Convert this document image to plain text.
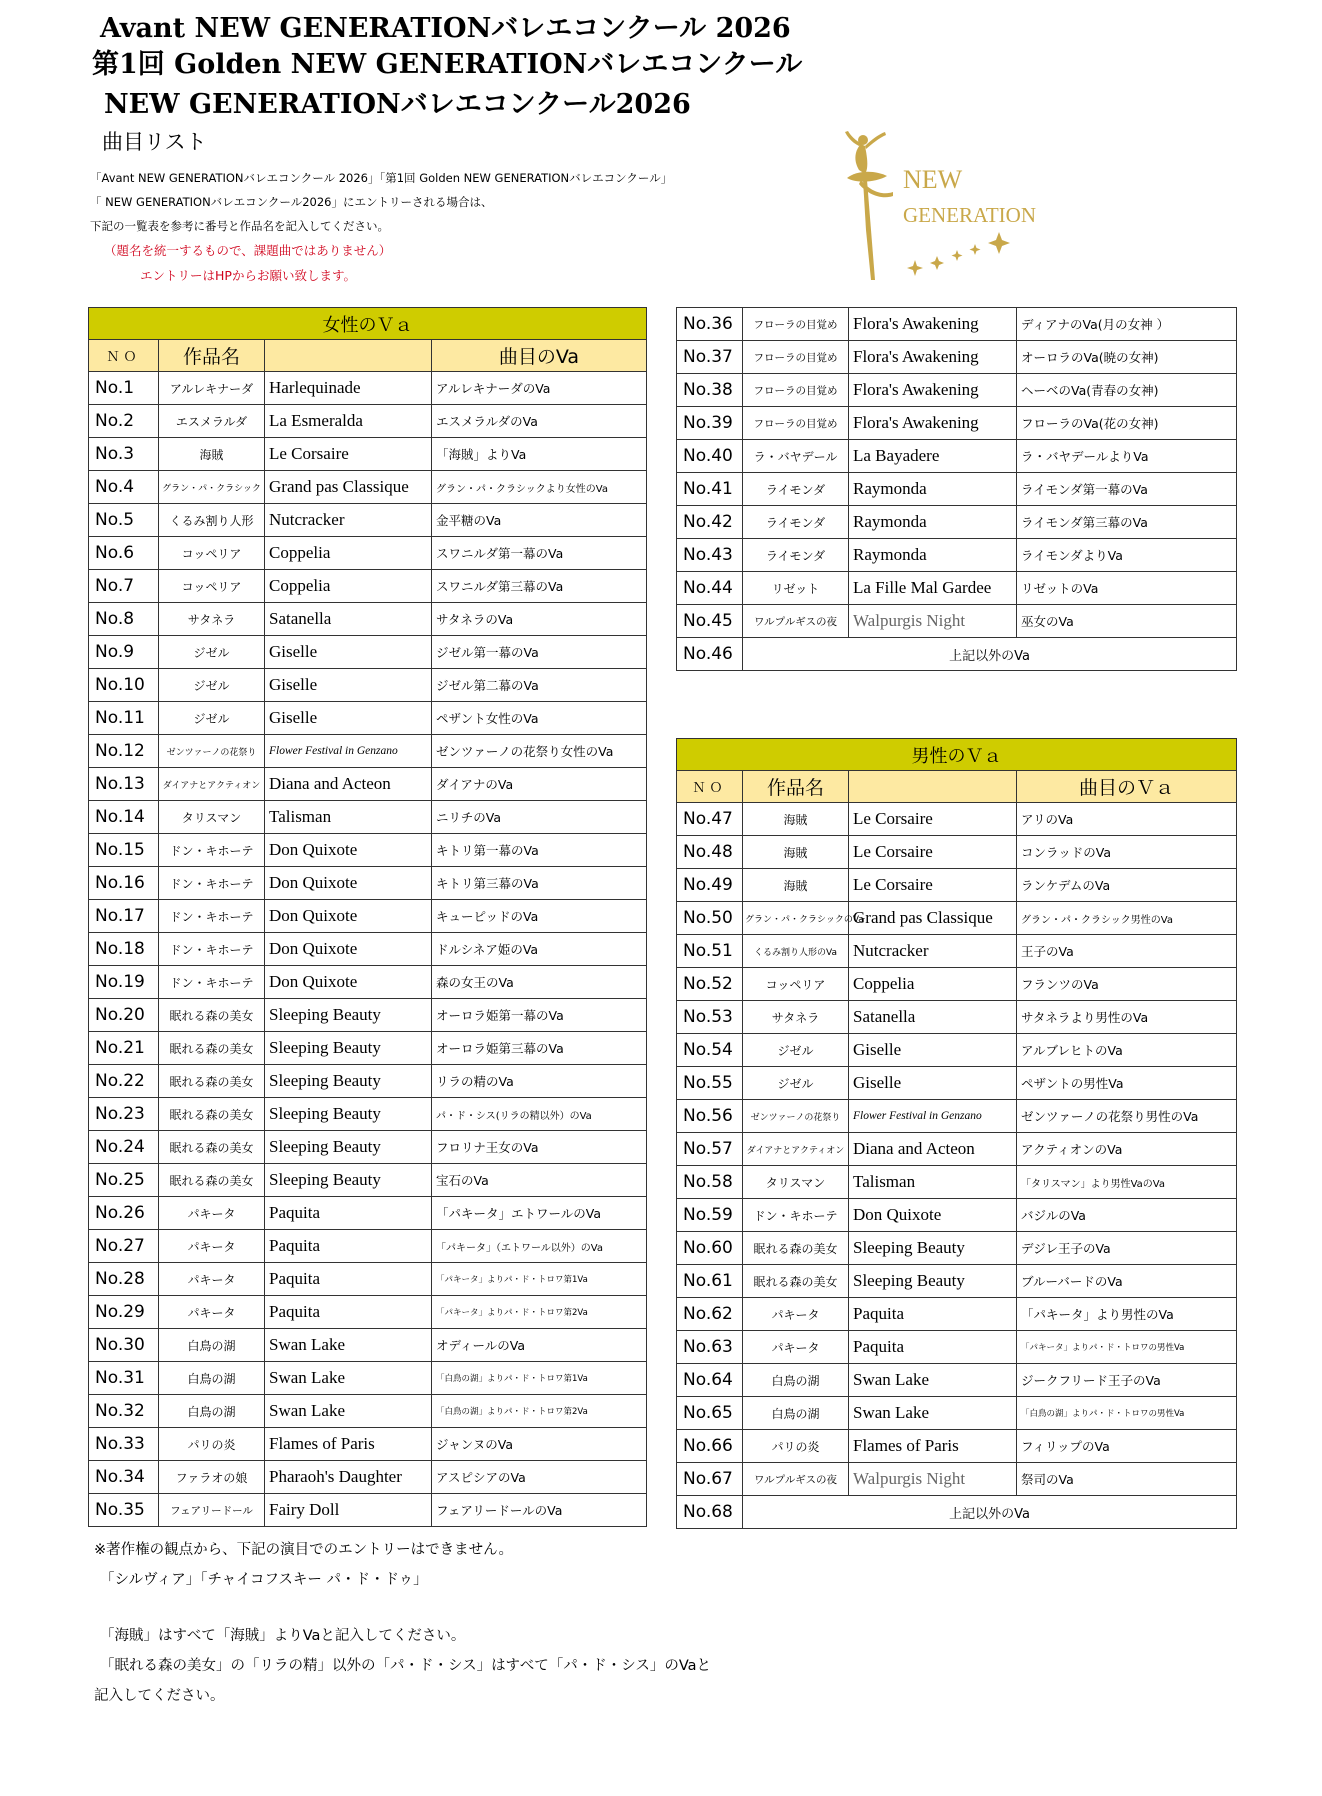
Avant NEW GENERATIONバレエコンクール 2026
第1回 Golden NEW GENERATIONバレエコンクール
NEW GENERATIONバレエコンクール2026
曲目リスト
「Avant NEW GENERATIONバレエコンクール 2026」「第1回 Golden NEW GENERATIONバレエコンクール」
「 NEW GENERATIONバレエコンクール2026」にエントリーされる場合は、
下記の一覧表を参考に番号と作品名を記入してください。
（題名を統一するもので、課題曲ではありません）
エントリーはHPからお願い致します。
NEW
GENERATION
女性のＶａ			
ＮＯ	作品名		曲目のVa
No.1	アルレキナーダ	Harlequinade	アルレキナーダのVa
No.2	エスメラルダ	La Esmeralda	エスメラルダのVa
No.3	海賊	Le Corsaire	「海賊」よりVa
No.4	グラン・パ・クラシック	Grand pas Classique	グラン・パ・クラシックより女性のVa
No.5	くるみ割り人形	Nutcracker	金平糖のVa
No.6	コッペリア	Coppelia	スワニルダ第一幕のVa
No.7	コッペリア	Coppelia	スワニルダ第三幕のVa
No.8	サタネラ	Satanella	サタネラのVa
No.9	ジゼル	Giselle	ジゼル第一幕のVa
No.10	ジゼル	Giselle	ジゼル第二幕のVa
No.11	ジゼル	Giselle	ペザント女性のVa
No.12	ゼンツァーノの花祭り	Flower Festival in Genzano	ゼンツァーノの花祭り女性のVa
No.13	ダイアナとアクティオン	Diana and Acteon	ダイアナのVa
No.14	タリスマン	Talisman	ニリチのVa
No.15	ドン・キホーテ	Don Quixote	キトリ第一幕のVa
No.16	ドン・キホーテ	Don Quixote	キトリ第三幕のVa
No.17	ドン・キホーテ	Don Quixote	キューピッドのVa
No.18	ドン・キホーテ	Don Quixote	ドルシネア姫のVa
No.19	ドン・キホーテ	Don Quixote	森の女王のVa
No.20	眠れる森の美女	Sleeping Beauty	オーロラ姫第一幕のVa
No.21	眠れる森の美女	Sleeping Beauty	オーロラ姫第三幕のVa
No.22	眠れる森の美女	Sleeping Beauty	リラの精のVa
No.23	眠れる森の美女	Sleeping Beauty	パ・ド・シス(リラの精以外）のVa
No.24	眠れる森の美女	Sleeping Beauty	フロリナ王女のVa
No.25	眠れる森の美女	Sleeping Beauty	宝石のVa
No.26	パキータ	Paquita	「パキータ」エトワールのVa
No.27	パキータ	Paquita	「パキータ」（エトワール以外）のVa
No.28	パキータ	Paquita	「パキータ」よりパ・ド・トロワ第1Va
No.29	パキータ	Paquita	「パキータ」よりパ・ド・トロワ第2Va
No.30	白鳥の湖	Swan Lake	オディールのVa
No.31	白鳥の湖	Swan Lake	「白鳥の湖」よりパ・ド・トロワ第1Va
No.32	白鳥の湖	Swan Lake	「白鳥の湖」よりパ・ド・トロワ第2Va
No.33	パリの炎	Flames of Paris	ジャンヌのVa
No.34	ファラオの娘	Pharaoh's Daughter	アスピシアのVa
No.35	フェアリードール	Fairy Doll	フェアリードールのVa
No.36	フローラの目覚め	Flora's Awakening	ディアナのVa(月の女神 ）
No.37	フローラの目覚め	Flora's Awakening	オーロラのVa(暁の女神)
No.38	フローラの目覚め	Flora's Awakening	ヘーベのVa(青春の女神)
No.39	フローラの目覚め	Flora's Awakening	フローラのVa(花の女神)
No.40	ラ・バヤデール	La Bayadere	ラ・バヤデールよりVa
No.41	ライモンダ	Raymonda	ライモンダ第一幕のVa
No.42	ライモンダ	Raymonda	ライモンダ第三幕のVa
No.43	ライモンダ	Raymonda	ライモンダよりVa
No.44	リゼット	La Fille Mal Gardee	リゼットのVa
No.45	ワルプルギスの夜	Walpurgis Night	巫女のVa
No.46	上記以外のVa		
男性のＶａ			
ＮＯ	作品名		曲目のＶａ
No.47	海賊	Le Corsaire	アリのVa
No.48	海賊	Le Corsaire	コンラッドのVa
No.49	海賊	Le Corsaire	ランケデムのVa
No.50	グラン・パ・クラシックのVa	Grand pas Classique	グラン・パ・クラシック男性のVa
No.51	くるみ割り人形のVa	Nutcracker	王子のVa
No.52	コッペリア	Coppelia	フランツのVa
No.53	サタネラ	Satanella	サタネラより男性のVa
No.54	ジゼル	Giselle	アルブレヒトのVa
No.55	ジゼル	Giselle	ペザントの男性Va
No.56	ゼンツァーノの花祭り	Flower Festival in Genzano	ゼンツァーノの花祭り男性のVa
No.57	ダイアナとアクティオン	Diana and Acteon	アクティオンのVa
No.58	タリスマン	Talisman	「タリスマン」より男性VaのVa
No.59	ドン・キホーテ	Don Quixote	バジルのVa
No.60	眠れる森の美女	Sleeping Beauty	デジレ王子のVa
No.61	眠れる森の美女	Sleeping Beauty	ブルーバードのVa
No.62	パキータ	Paquita	「パキータ」より男性のVa
No.63	パキータ	Paquita	「パキータ」よりパ・ド・トロワの男性Va
No.64	白鳥の湖	Swan Lake	ジークフリード王子のVa
No.65	白鳥の湖	Swan Lake	「白鳥の湖」よりパ・ド・トロワの男性Va
No.66	パリの炎	Flames of Paris	フィリップのVa
No.67	ワルプルギスの夜	Walpurgis Night	祭司のVa
No.68	上記以外のVa		
※著作権の観点から、下記の演目でのエントリーはできません。
「シルヴィア」「チャイコフスキー パ・ド・ドゥ」
「海賊」はすべて「海賊」よりVaと記入してください。
「眠れる森の美女」の「リラの精」以外の「パ・ド・シス」はすべて「パ・ド・シス」のVaと
記入してください。
